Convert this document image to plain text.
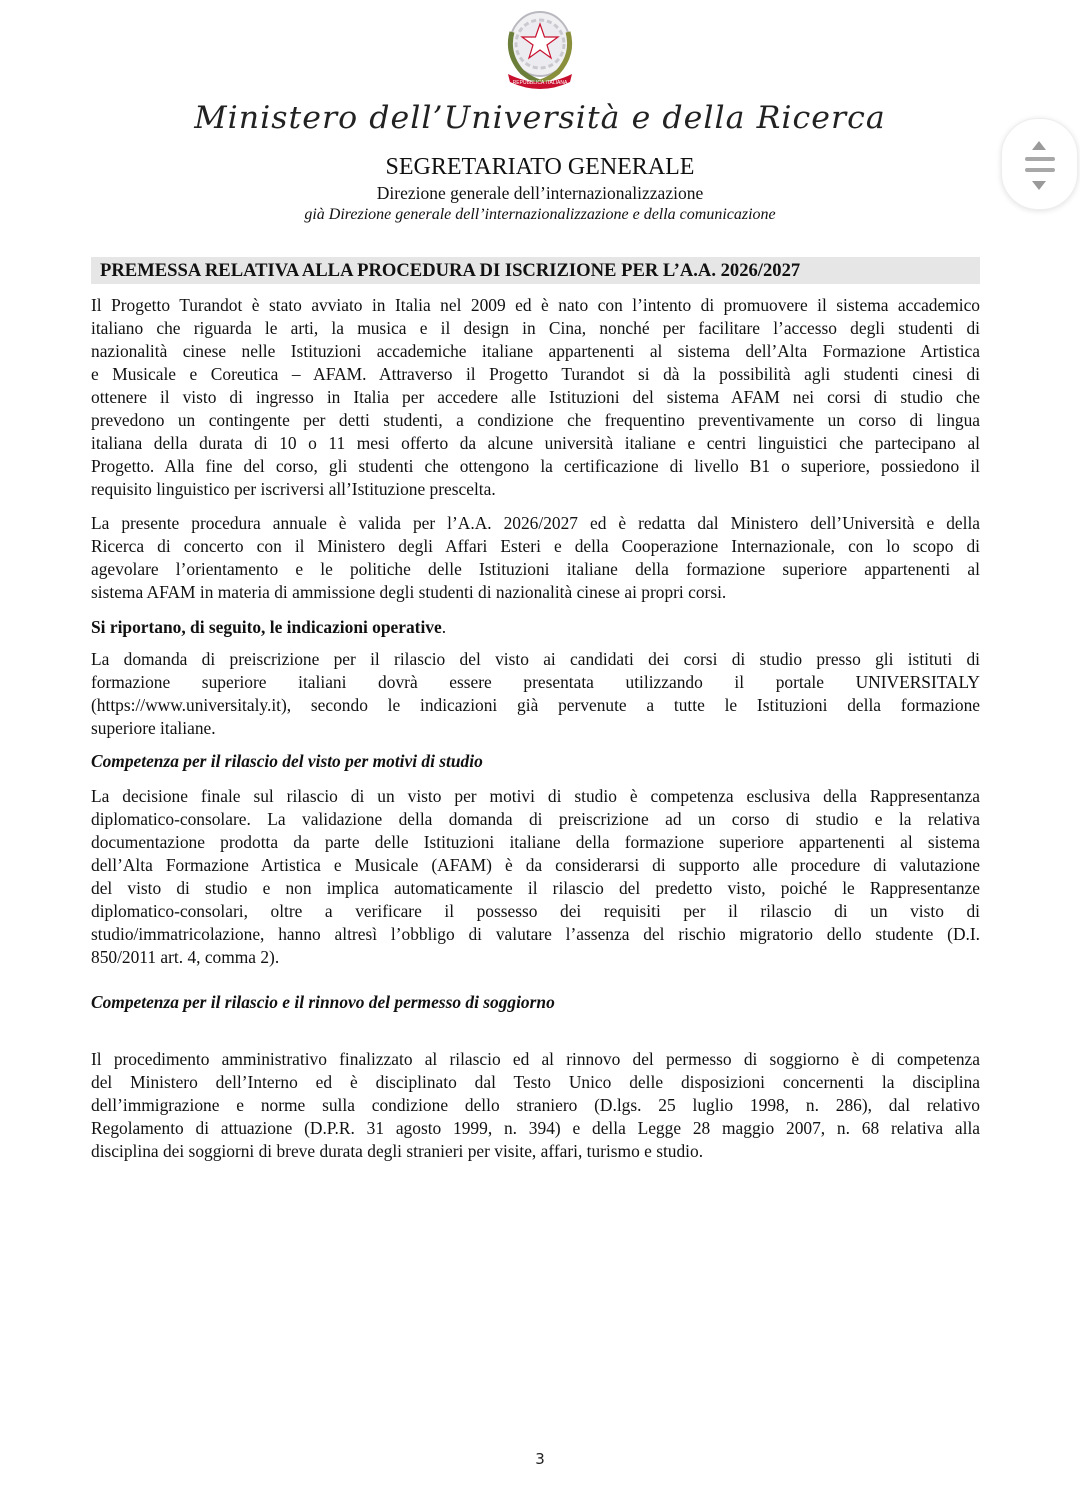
REPUBBLICA ITALIANA
Ministero dell’Università e della Ricerca
SEGRETARIATO GENERALE
Direzione generale dell’internazionalizzazione
già Direzione generale dell’internazionalizzazione e della comunicazione
PREMESSA RELATIVA ALLA PROCEDURA DI ISCRIZIONE PER L’A.A. 2026/2027
Il Progetto Turandot è stato avviato in Italia nel 2009 ed è nato con l’intento di promuovere il sistema accademico
italiano che riguarda le arti, la musica e il design in Cina, nonché per facilitare l’accesso degli studenti di
nazionalità cinese nelle Istituzioni accademiche italiane appartenenti al sistema dell’Alta Formazione Artistica
e Musicale e Coreutica – AFAM. Attraverso il Progetto Turandot si dà la possibilità agli studenti cinesi di
ottenere il visto di ingresso in Italia per accedere alle Istituzioni del sistema AFAM nei corsi di studio che
prevedono un contingente per detti studenti, a condizione che frequentino preventivamente un corso di lingua
italiana della durata di 10 o 11 mesi offerto da alcune università italiane e centri linguistici che partecipano al
Progetto. Alla fine del corso, gli studenti che ottengono la certificazione di livello B1 o superiore, possiedono il
requisito linguistico per iscriversi all’Istituzione prescelta.
La presente procedura annuale è valida per l’A.A. 2026/2027 ed è redatta dal Ministero dell’Università e della
Ricerca di concerto con il Ministero degli Affari Esteri e della Cooperazione Internazionale, con lo scopo di
agevolare l’orientamento e le politiche delle Istituzioni italiane della formazione superiore appartenenti al
sistema AFAM in materia di ammissione degli studenti di nazionalità cinese ai propri corsi.
Si riportano, di seguito, le indicazioni operative.
La domanda di preiscrizione per il rilascio del visto ai candidati dei corsi di studio presso gli istituti di
formazione superiore italiani dovrà essere presentata utilizzando il portale UNIVERSITALY
(https://www.universitaly.it), secondo le indicazioni già pervenute a tutte le Istituzioni della formazione
superiore italiane.
Competenza per il rilascio del visto per motivi di studio
La decisione finale sul rilascio di un visto per motivi di studio è competenza esclusiva della Rappresentanza
diplomatico-consolare. La validazione della domanda di preiscrizione ad un corso di studio e la relativa
documentazione prodotta da parte delle Istituzioni italiane della formazione superiore appartenenti al sistema
dell’Alta Formazione Artistica e Musicale (AFAM) è da considerarsi di supporto alle procedure di valutazione
del visto di studio e non implica automaticamente il rilascio del predetto visto, poiché le Rappresentanze
diplomatico-consolari, oltre a verificare il possesso dei requisiti per il rilascio di un visto di
studio/immatricolazione, hanno altresì l’obbligo di valutare l’assenza del rischio migratorio dello studente (D.I.
850/2011 art. 4, comma 2).
Competenza per il rilascio e il rinnovo del permesso di soggiorno
Il procedimento amministrativo finalizzato al rilascio ed al rinnovo del permesso di soggiorno è di competenza
del Ministero dell’Interno ed è disciplinato dal Testo Unico delle disposizioni concernenti la disciplina
dell’immigrazione e norme sulla condizione dello straniero (D.lgs. 25 luglio 1998, n. 286), dal relativo
Regolamento di attuazione (D.P.R. 31 agosto 1999, n. 394) e della Legge 28 maggio 2007, n. 68 relativa alla
disciplina dei soggiorni di breve durata degli stranieri per visite, affari, turismo e studio.
3
